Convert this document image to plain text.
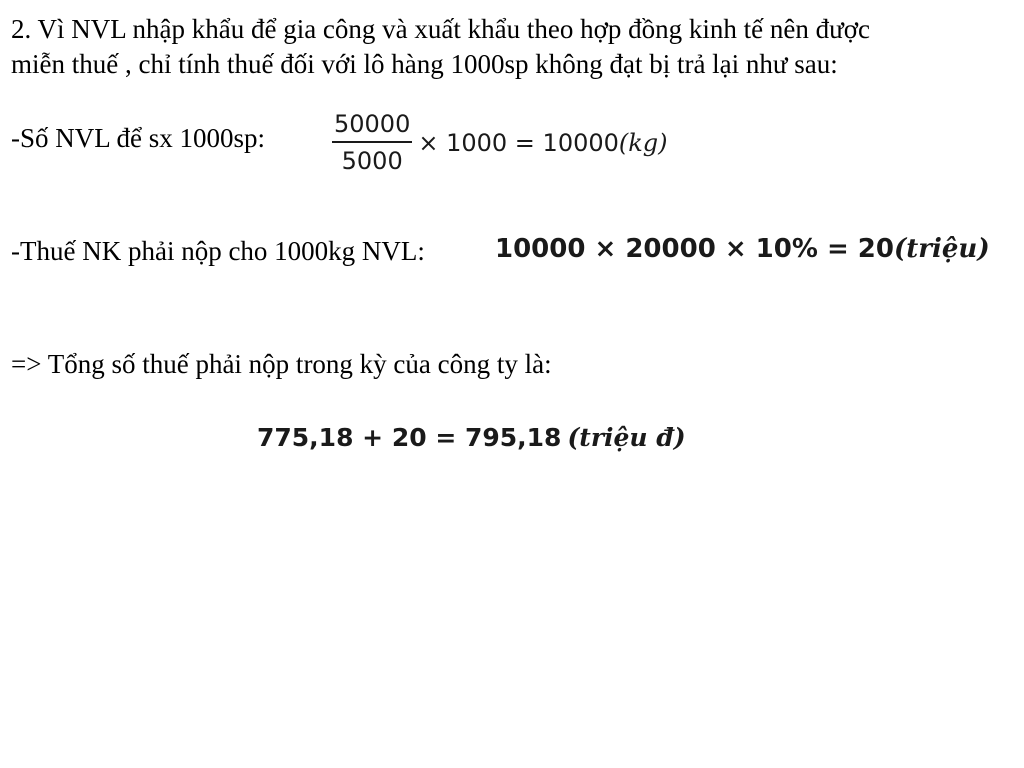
2. Vì NVL nhập khẩu để gia công và xuất khẩu theo hợp đồng kinh tế nên được
miễn thuế , chỉ tính thuế đối với lô hàng 1000sp không đạt bị trả lại như sau:
-Số NVL để sx 1000sp:	$\frac{50000}{5000} \times 1000 = 10000$ (kg)
-Thuế NK phải nộp cho 1000kg NVL:	10000 × 20000 × 10% = 20 (triệu)
=> Tổng số thuế phải nộp trong kỳ của công ty là:
775,18 + 20 = 795,18 (triệu đ)
